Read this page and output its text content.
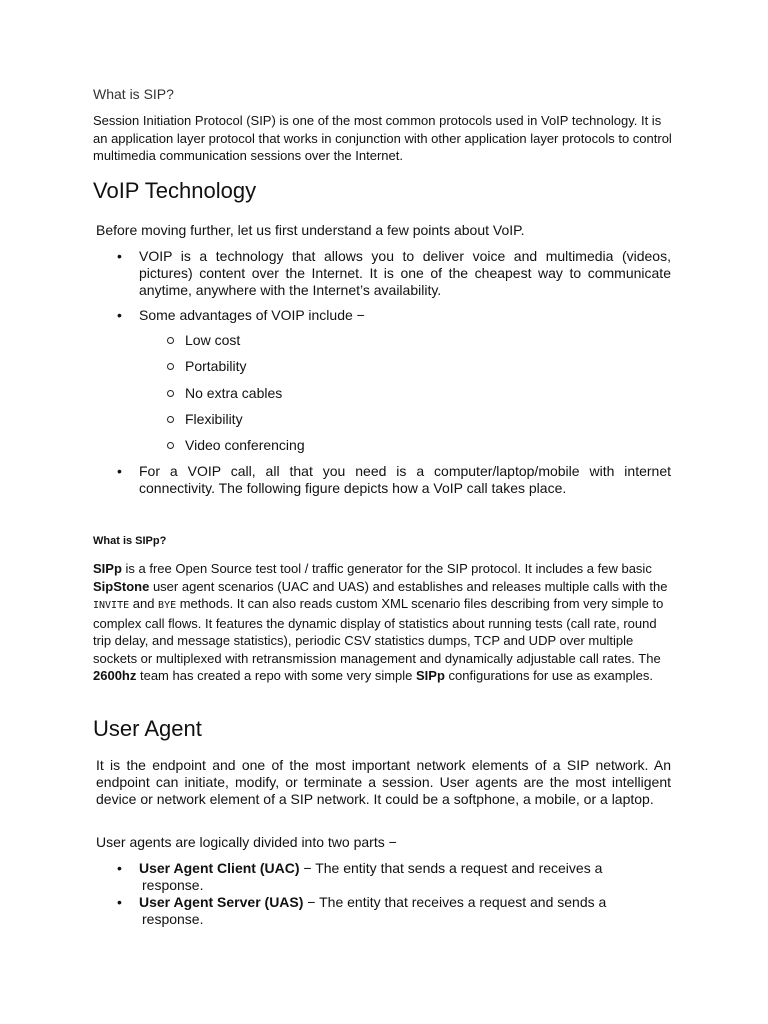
What is SIP?
Session Initiation Protocol (SIP) is one of the most common protocols used in VoIP technology. It is an application layer protocol that works in conjunction with other application layer protocols to control multimedia communication sessions over the Internet.
VoIP Technology
Before moving further, let us first understand a few points about VoIP.
• VOIP is a technology that allows you to deliver voice and multimedia (videos, pictures) content over the Internet. It is one of the cheapest way to communicate anytime, anywhere with the Internet’s availability.
• Some advantages of VOIP include −
Low cost
Portability
No extra cables
Flexibility
Video conferencing
• For a VOIP call, all that you need is a computer/laptop/mobile with internet connectivity. The following figure depicts how a VoIP call takes place.
What is SIPp?
SIPp is a free Open Source test tool / traffic generator for the SIP protocol. It includes a few basic SipStone user agent scenarios (UAC and UAS) and establishes and releases multiple calls with the INVITE and BYE methods. It can also reads custom XML scenario files describing from very simple to complex call flows. It features the dynamic display of statistics about running tests (call rate, round trip delay, and message statistics), periodic CSV statistics dumps, TCP and UDP over multiple sockets or multiplexed with retransmission management and dynamically adjustable call rates. The 2600hz team has created a repo with some very simple SIPp configurations for use as examples.
User Agent
It is the endpoint and one of the most important network elements of a SIP network. An endpoint can initiate, modify, or terminate a session. User agents are the most intelligent device or network element of a SIP network. It could be a softphone, a mobile, or a laptop.
User agents are logically divided into two parts −
• User Agent Client (UAC) − The entity that sends a request and receives a
response.
• User Agent Server (UAS) − The entity that receives a request and sends a
response.
